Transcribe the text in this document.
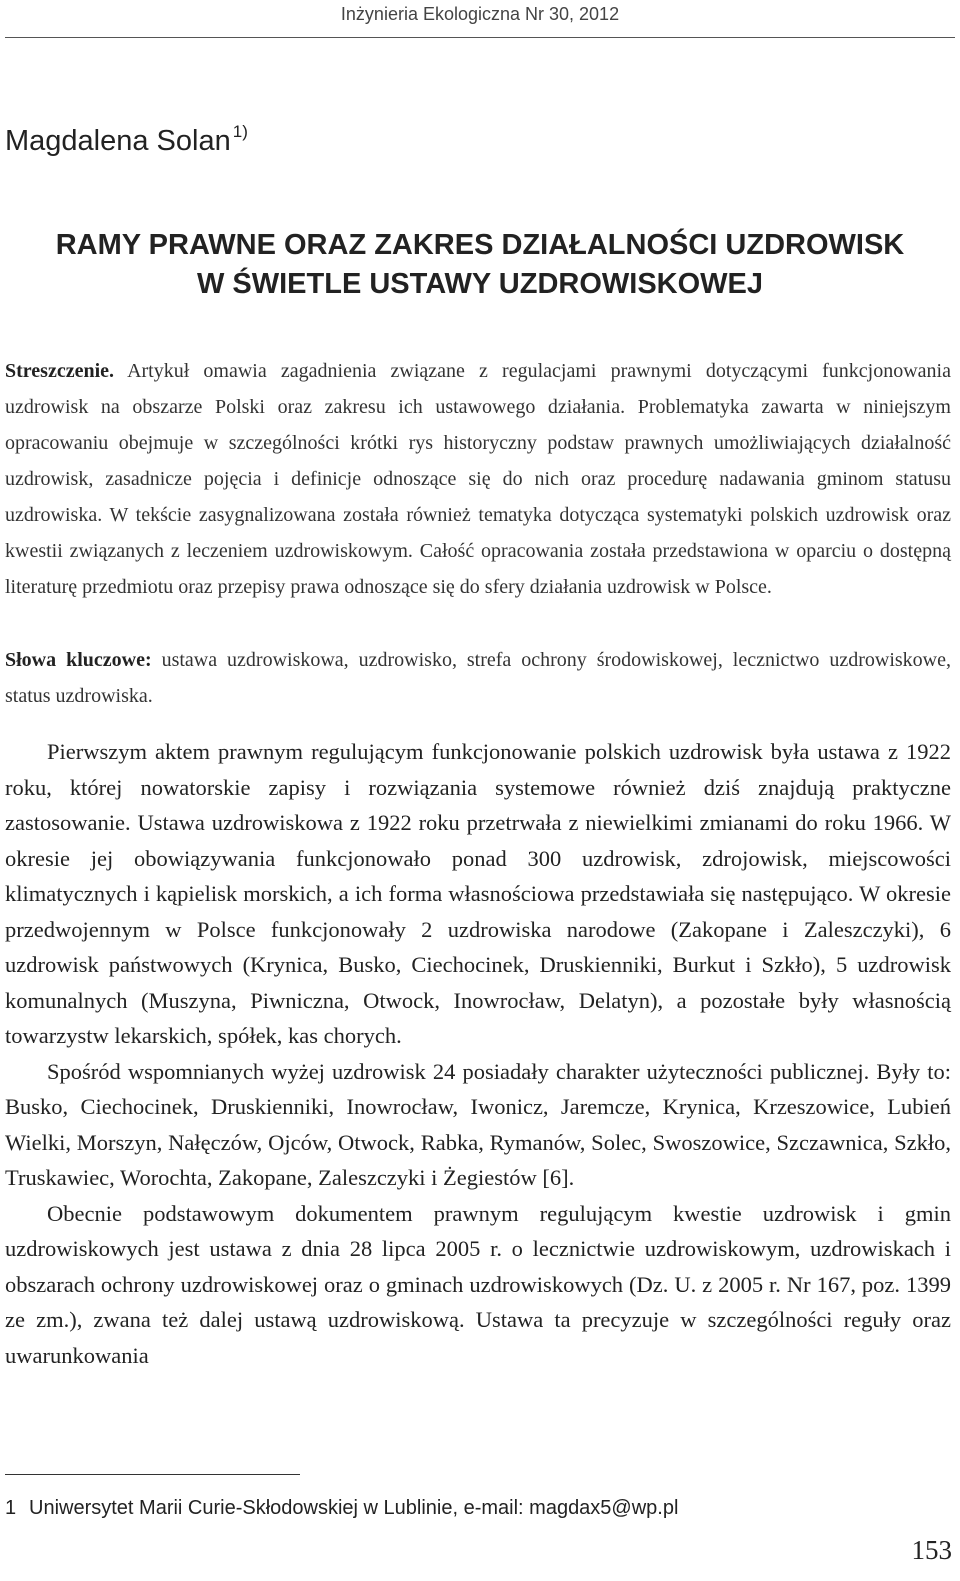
Inżynieria Ekologiczna Nr 30, 2012
Magdalena Solan $^{1)}$
RAMY PRAWNE ORAZ ZAKRES DZIAŁALNOŚCI UZDROWISK
W ŚWIETLE USTAWY UZDROWISKOWEJ

Streszczenie. Artykuł omawia zagadnienia związane z regulacjami prawnymi dotyczącymi funkcjonowania uzdrowisk na obszarze Polski oraz zakresu ich ustawowego działania. Problematyka zawarta w niniejszym opracowaniu obejmuje w szczególności krótki rys historyczny podstaw prawnych umożliwiających działalność uzdrowisk, zasadnicze pojęcia i definicje odnoszące się do nich oraz procedurę nadawania gminom statusu uzdrowiska. W tekście zasygnalizowana została również tematyka dotycząca systematyki polskich uzdrowisk oraz kwestii związanych z leczeniem uzdrowiskowym. Całość opracowania została przedstawiona w oparciu o dostępną literaturę przedmiotu oraz przepisy prawa odnoszące się do sfery działania uzdrowisk w Polsce.

Słowa kluczowe: ustawa uzdrowiskowa, uzdrowisko, strefa ochrony środowiskowej, lecznictwo uzdrowiskowe, status uzdrowiska.

Pierwszym aktem prawnym regulującym funkcjonowanie polskich uzdrowisk była ustawa z 1922 roku, której nowatorskie zapisy i rozwiązania systemowe również dziś znajdują praktyczne zastosowanie. Ustawa uzdrowiskowa z 1922 roku przetrwała z niewielkimi zmianami do roku 1966. W okresie jej obowiązywania funkcjonowało ponad 300 uzdrowisk, zdrojowisk, miejscowości klimatycznych i kąpielisk morskich, a ich forma własnościowa przedstawiała się następująco. W okresie przedwojennym w Polsce funkcjonowały 2 uzdrowiska narodowe (Zakopane i Zaleszczyki), 6 uzdrowisk państwowych (Krynica, Busko, Ciechocinek, Druskienniki, Burkut i Szkło), 5 uzdrowisk komunalnych (Muszyna, Piwniczna, Otwock, Inowrocław, Delatyn), a pozostałe były własnością towarzystw lekarskich, spółek, kas chorych.

Spośród wspomnianych wyżej uzdrowisk 24 posiadały charakter użyteczności publicznej. Były to: Busko, Ciechocinek, Druskienniki, Inowrocław, Iwonicz, Jaremcze, Krynica, Krzeszowice, Lubień Wielki, Morszyn, Nałęczów, Ojców, Otwock, Rabka, Rymanów, Solec, Swoszowice, Szczawnica, Szkło, Truskawiec, Worochta, Zakopane, Zaleszczyki i Żegiestów [6].

Obecnie podstawowym dokumentem prawnym regulującym kwestie uzdrowisk i gmin uzdrowiskowych jest ustawa z dnia 28 lipca 2005 r. o lecznictwie uzdrowiskowym, uzdrowiskach i obszarach ochrony uzdrowiskowej oraz o gminach uzdrowiskowych (Dz. U. z 2005 r. Nr 167, poz. 1399 ze zm.), zwana też dalej ustawą uzdrowiskową. Ustawa ta precyzuje w szczególności reguły oraz uwarunkowania

1 Uniwersytet Marii Curie-Skłodowskiej w Lublinie, e-mail: magdax5@wp.pl
153
